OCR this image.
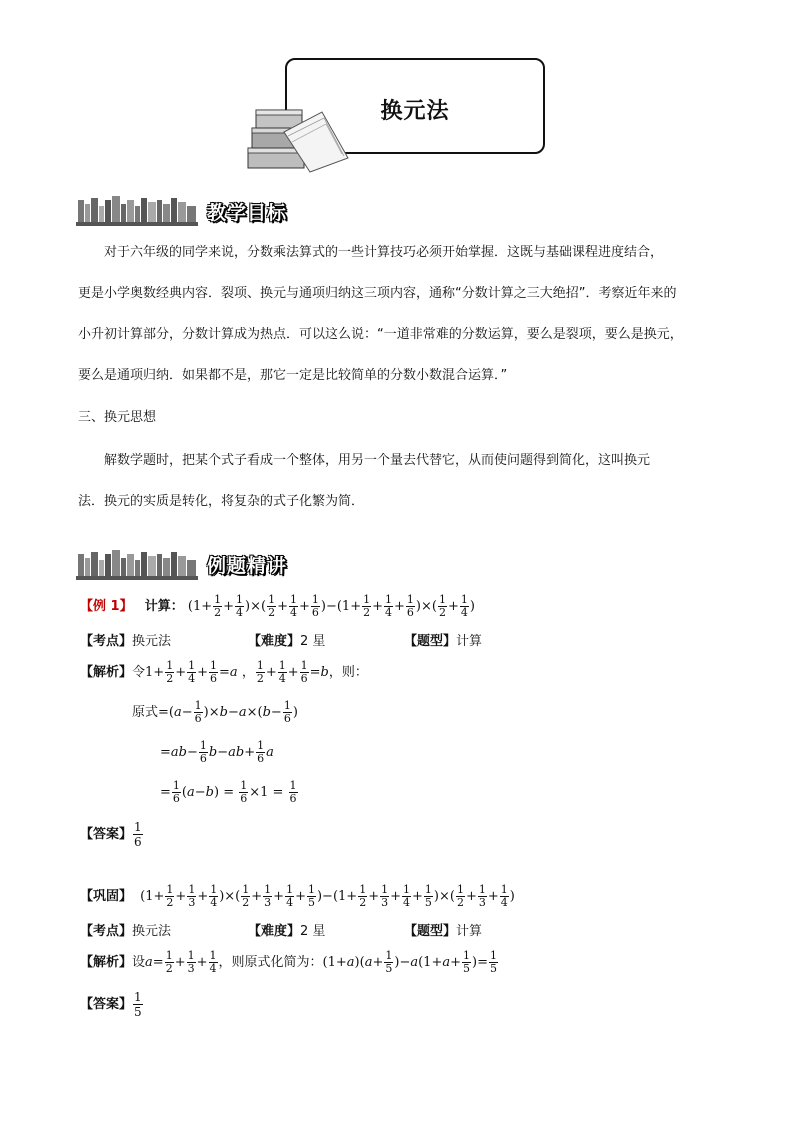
换元法
教学目标
对于六年级的同学来说，分数乘法算式的一些计算技巧必须开始掌握．这既与基础课程进度结合，
更是小学奥数经典内容．裂项、换元与通项归纳这三项内容，通称“分数计算之三大绝招”．考察近年来的
小升初计算部分，分数计算成为热点．可以这么说：“一道非常难的分数运算，要么是裂项，要么是换元，
要么是通项归纳．如果都不是，那它一定是比较简单的分数小数混合运算．”
三、换元思想
解数学题时，把某个式子看成一个整体，用另一个量去代替它，从而使问题得到简化，这叫换元
法．换元的实质是转化，将复杂的式子化繁为简．
例题精讲
【例 1】 计算： ($1+ \frac{1}{2} + \frac{1}{4}$ )×( $\frac{1}{2} + \frac{1}{4} + \frac{1}{6} )-(1+ \frac{1}{2} + \frac{1}{4} + \frac{1}{6}$ )×( $\frac{1}{2} + \frac{1}{4}$ )
【考点】换元法	【难度】2 星	【题型】计算
【解析】令$1+ \frac{1}{2} + \frac{1}{4} + \frac{1}{6} =a$ ， $\frac{1}{2} + \frac{1}{4} + \frac{1}{6} =b$，则：
原式$=(a- \frac{1}{6} )\times b-a\times(b- \frac{1}{6}$ )
$=ab- \frac{1}{6} b-ab+ \frac{1}{6}$ a
= $\frac{1}{6} (a-b) = \frac{1}{6} \times 1 = \frac{1}{6}$
【答案】 $\frac{1}{6}$
【巩固】 ($1+ \frac{1}{2} + \frac{1}{3} + \frac{1}{4}$ )×( $\frac{1}{2} + \frac{1}{3} + \frac{1}{4} + \frac{1}{5} )-(1+ \frac{1}{2} + \frac{1}{3} + \frac{1}{4} + \frac{1}{5}$ )×( $\frac{1}{2} + \frac{1}{3} + \frac{1}{4}$ )
【考点】换元法	【难度】2 星	【题型】计算
【解析】设$a= \frac{1}{2} + \frac{1}{3} + \frac{1}{4}$ ，则原式化简为：$(1+a)(a+ \frac{1}{5} )-a(1+a+ \frac{1}{5}$ )= $\frac{1}{5}$
【答案】 $\frac{1}{5}$
